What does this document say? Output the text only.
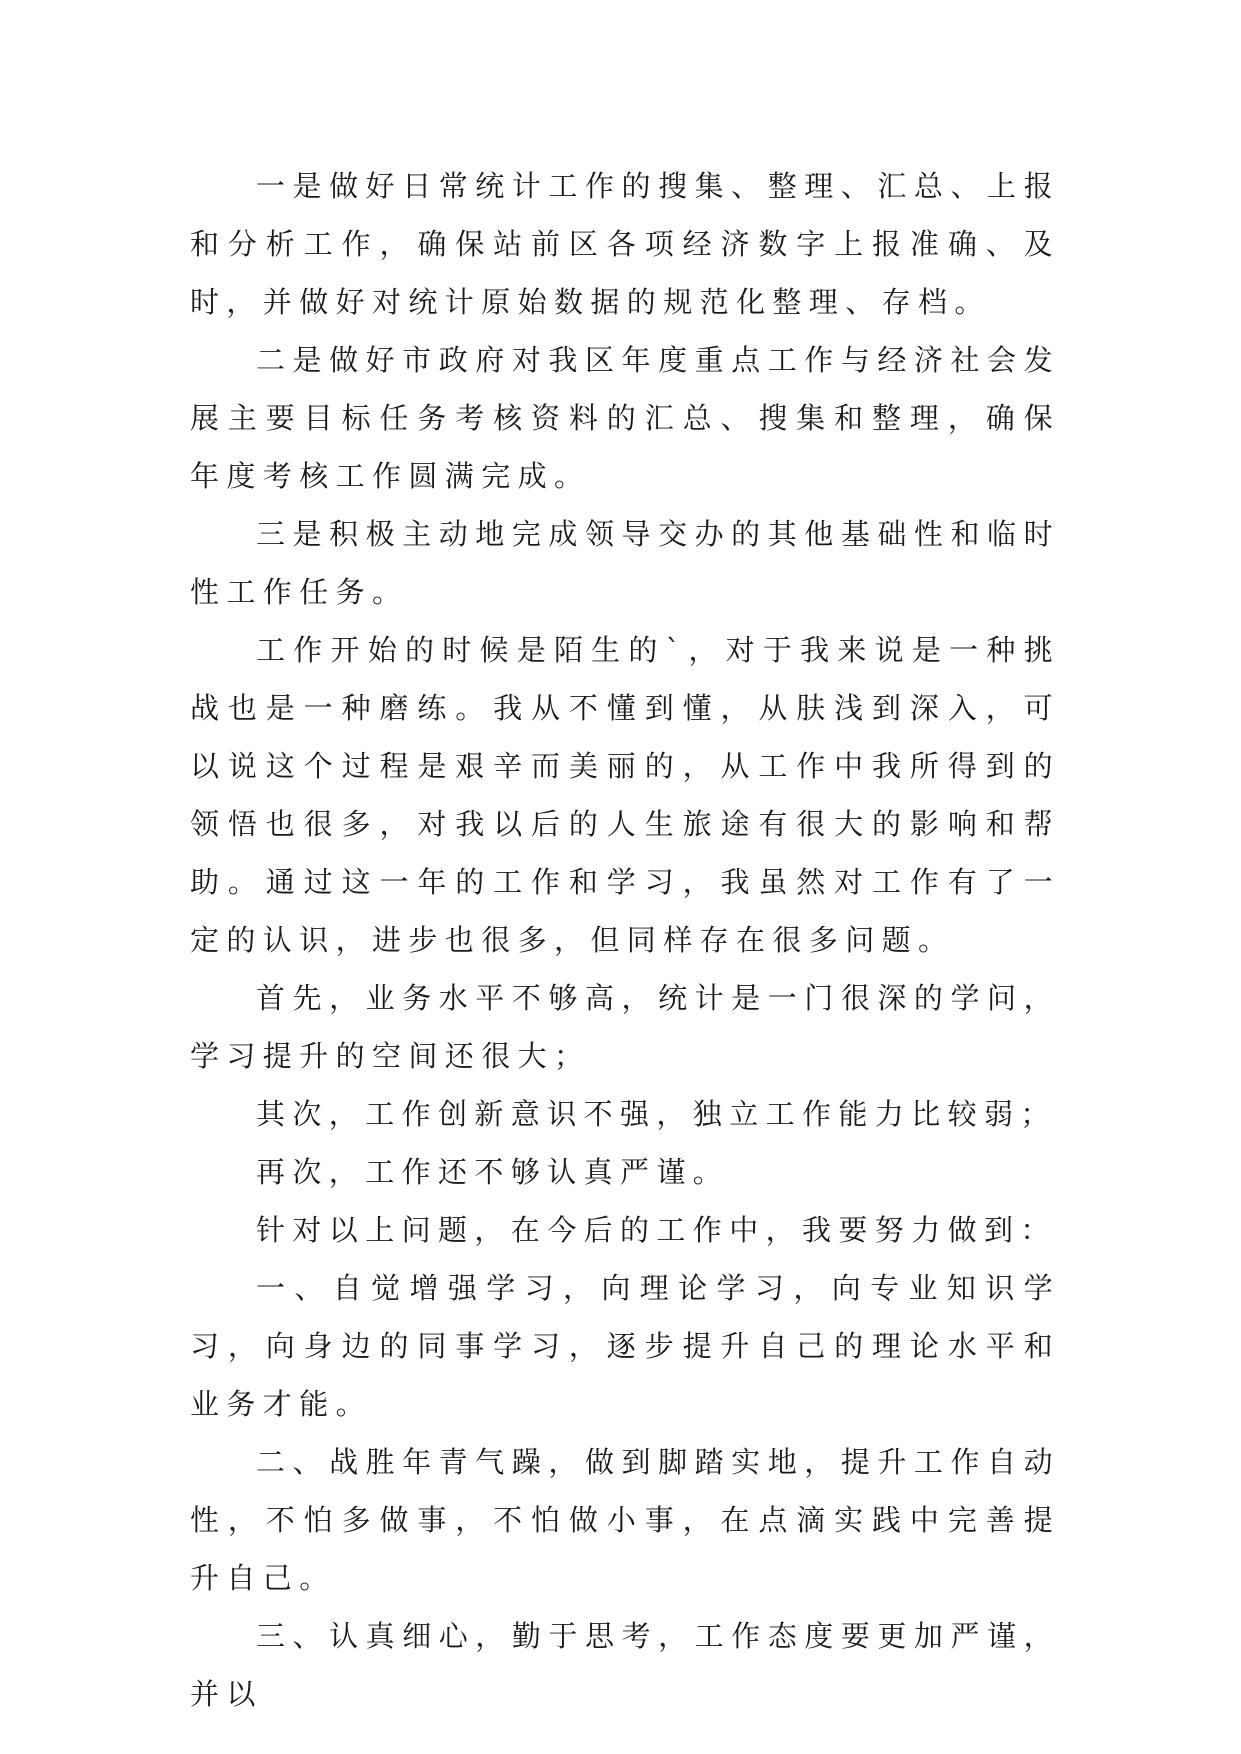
一是做好日常统计工作的搜集、整理、汇总、上报和分析工作，确保站前区各项经济数字上报准确、及时，并做好对统计原始数据的规范化整理、存档。

二是做好市政府对我区年度重点工作与经济社会发展主要目标任务考核资料的汇总、搜集和整理，确保年度考核工作圆满完成。

三是积极主动地完成领导交办的其他基础性和临时性工作任务。

工作开始的时候是陌生的`，对于我来说是一种挑战也是一种磨练。我从不懂到懂，从肤浅到深入，可以说这个过程是艰辛而美丽的，从工作中我所得到的领悟也很多，对我以后的人生旅途有很大的影响和帮助。通过这一年的工作和学习，我虽然对工作有了一定的认识，进步也很多，但同样存在很多问题。

首先，业务水平不够高，统计是一门很深的学问，学习提升的空间还很大；

其次，工作创新意识不强，独立工作能力比较弱；

再次，工作还不够认真严谨。

针对以上问题，在今后的工作中，我要努力做到：

一、自觉增强学习，向理论学习，向专业知识学习，向身边的同事学习，逐步提升自己的理论水平和业务才能。

二、战胜年青气躁，做到脚踏实地，提升工作自动性，不怕多做事，不怕做小事，在点滴实践中完善提升自己。

三、认真细心，勤于思考，工作态度要更加严谨，并以
